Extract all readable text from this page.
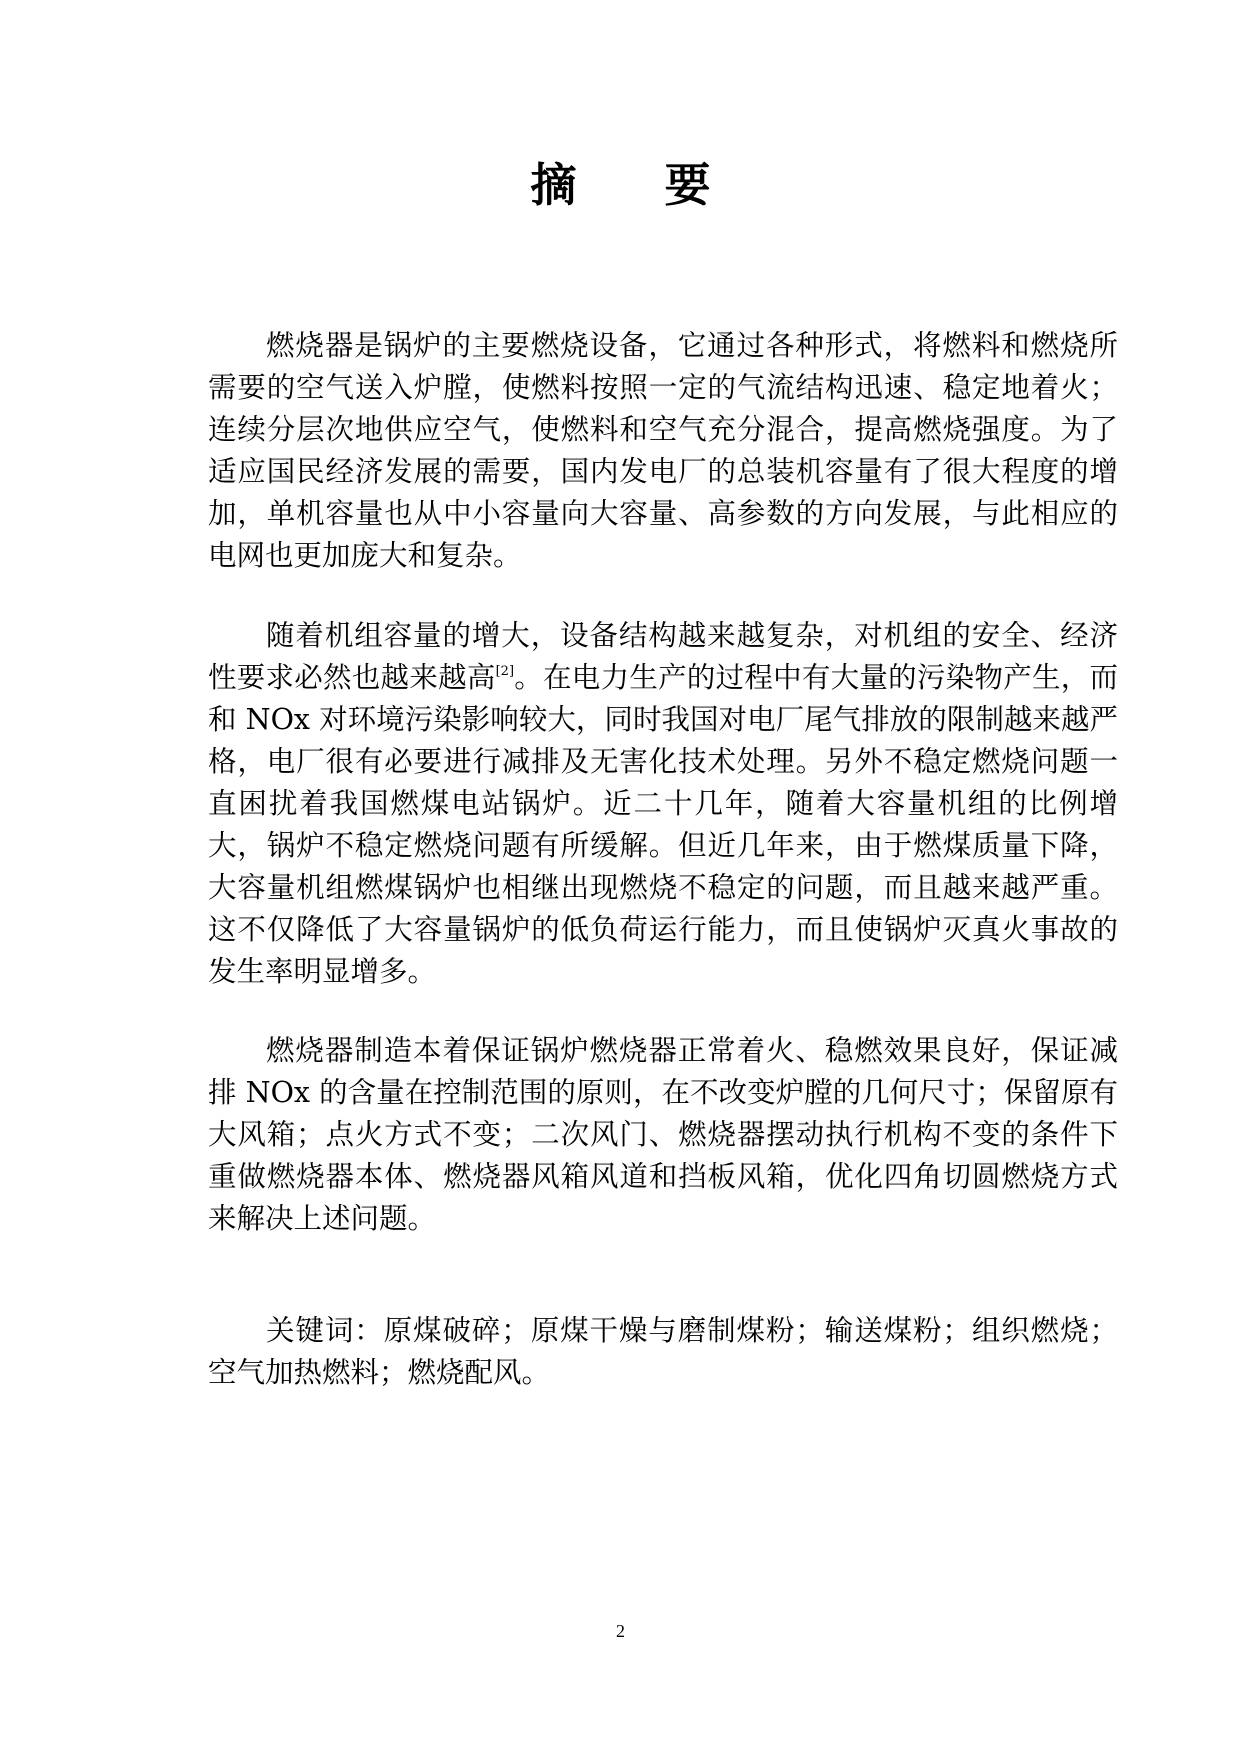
摘 要

燃烧器是锅炉的主要燃烧设备，它通过各种形式，将燃料和燃烧所需要的空气送入炉膛，使燃料按照一定的气流结构迅速、稳定地着火；连续分层次地供应空气，使燃料和空气充分混合，提高燃烧强度。为了适应国民经济发展的需要，国内发电厂的总装机容量有了很大程度的增加，单机容量也从中小容量向大容量、高参数的方向发展，与此相应的电网也更加庞大和复杂。

随着机组容量的增大，设备结构越来越复杂，对机组的安全、经济性要求必然也越来越高[2]。在电力生产的过程中有大量的污染物产生，而和 NOx 对环境污染影响较大，同时我国对电厂尾气排放的限制越来越严格，电厂很有必要进行减排及无害化技术处理。另外不稳定燃烧问题一直困扰着我国燃煤电站锅炉。近二十几年，随着大容量机组的比例增大，锅炉不稳定燃烧问题有所缓解。但近几年来，由于燃煤质量下降，大容量机组燃煤锅炉也相继出现燃烧不稳定的问题，而且越来越严重。这不仅降低了大容量锅炉的低负荷运行能力，而且使锅炉灭真火事故的发生率明显增多。

燃烧器制造本着保证锅炉燃烧器正常着火、稳燃效果良好，保证减排 NOx 的含量在控制范围的原则，在不改变炉膛的几何尺寸；保留原有大风箱；点火方式不变；二次风门、燃烧器摆动执行机构不变的条件下重做燃烧器本体、燃烧器风箱风道和挡板风箱，优化四角切圆燃烧方式来解决上述问题。

关键词：原煤破碎；原煤干燥与磨制煤粉；输送煤粉；组织燃烧；空气加热燃料；燃烧配风。

2
